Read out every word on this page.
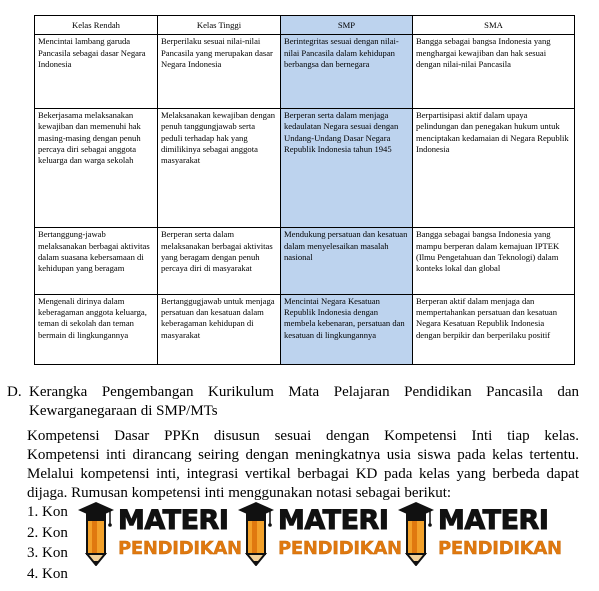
Kelas Rendah	Kelas Tinggi	SMP	SMA
Mencintai lambang garuda Pancasila sebagai dasar Negara Indonesia	Berperilaku sesuai nilai-nilai Pancasila yang merupakan dasar Negara Indonesia	Berintegritas sesuai dengan nilai-nilai Pancasila dalam kehidupan berbangsa dan bernegara	Bangga sebagai bangsa Indonesia yang menghargai kewajiban dan hak sesuai dengan nilai-nilai Pancasila
Bekerjasama melaksanakan kewajiban dan memenuhi hak masing-masing dengan penuh percaya diri sebagai anggota keluarga dan warga sekolah	Melaksanakan kewajiban dengan penuh tanggungjawab serta peduli terhadap hak yang dimilikinya sebagai anggota masyarakat	Berperan serta dalam menjaga kedaulatan Negara sesuai dengan Undang-Undang Dasar Negara Republik Indonesia tahun 1945	Berpartisipasi aktif dalam upaya pelindungan dan penegakan hukum untuk menciptakan kedamaian di Negara Republik Indonesia
Bertanggung-jawab melaksanakan berbagai aktivitas dalam suasana kebersamaan di kehidupan yang beragam	Berperan serta dalam melaksanakan berbagai aktivitas yang beragam dengan penuh percaya diri di masyarakat	Mendukung persatuan dan kesatuan dalam menyelesaikan masalah nasional	Bangga sebagai bangsa Indonesia yang mampu berperan dalam kemajuan IPTEK (Ilmu Pengetahuan dan Teknologi) dalam konteks lokal dan global
Mengenali dirinya dalam keberagaman anggota keluarga, teman di sekolah dan teman bermain di lingkungannya	Bertanggugjawab untuk menjaga persatuan dan kesatuan dalam keberagaman kehidupan di masyarakat	Mencintai Negara Kesatuan Republik Indonesia dengan membela kebenaran, persatuan dan kesatuan di lingkungannya	Berperan aktif dalam menjaga dan mempertahankan persatuan dan kesatuan Negara Kesatuan Republik Indonesia dengan berpikir dan berperilaku positif
D. Kerangka Pengembangan Kurikulum Mata Pelajaran Pendidikan Pancasila dan
Kewarganegaraan di SMP/MTs
Kompetensi Dasar PPKn disusun sesuai dengan Kompetensi Inti tiap kelas.
Kompetensi inti dirancang seiring dengan meningkatnya usia siswa pada kelas tertentu.
Melalui kompetensi inti, integrasi vertikal berbagai KD pada kelas yang berbeda dapat
dijaga. Rumusan kompetensi inti menggunakan notasi sebagai berikut:
1. Kon
2. Kon
3. Kon
4. Kon
MATERI
PENDIDIKAN
MATERI
PENDIDIKAN
MATERI
PENDIDIKAN
